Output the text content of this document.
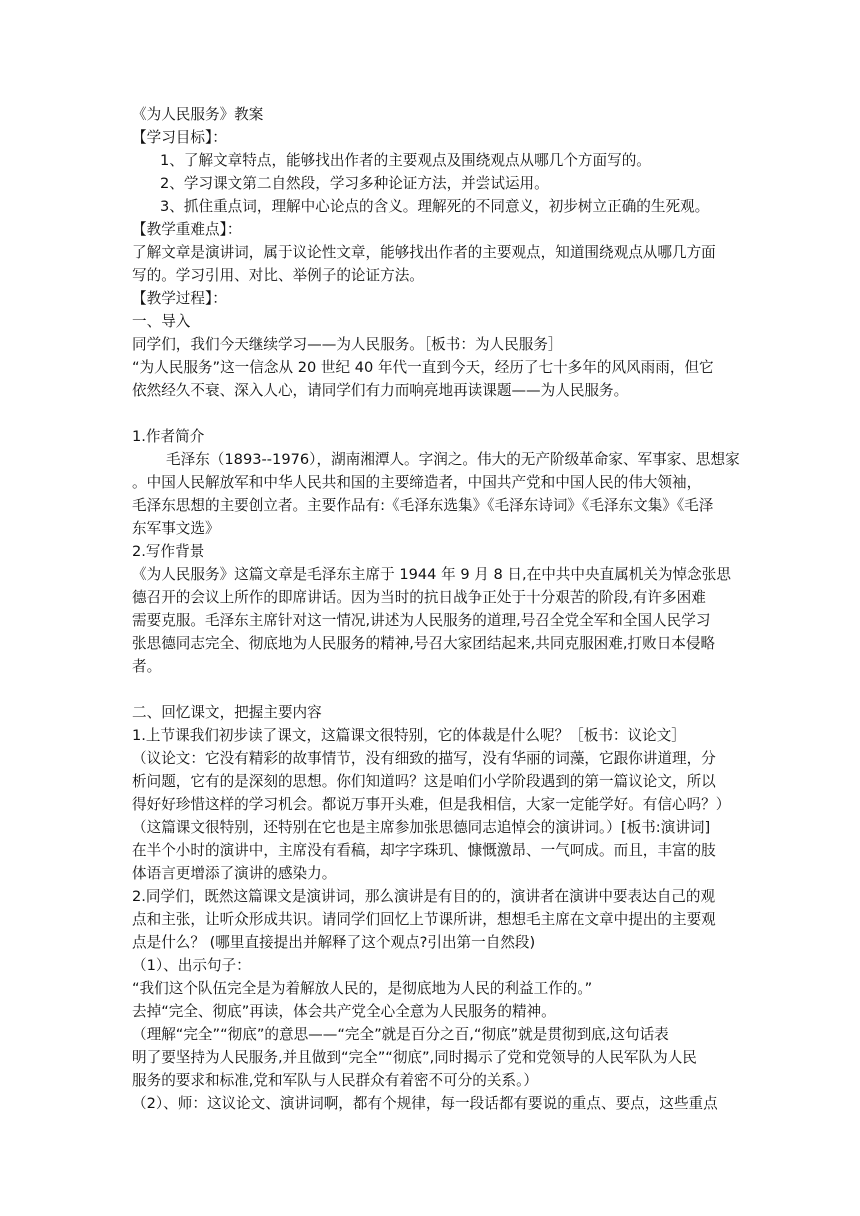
《为人民服务》教案

【学习目标】：

1、了解文章特点，能够找出作者的主要观点及围绕观点从哪几个方面写的。

2、学习课文第二自然段，学习多种论证方法，并尝试运用。

3、抓住重点词，理解中心论点的含义。理解死的不同意义，初步树立正确的生死观。

【教学重难点】：

了解文章是演讲词，属于议论性文章，能够找出作者的主要观点，知道围绕观点从哪几方面

写的。学习引用、对比、举例子的论证方法。

【教学过程】：

一、导入

同学们，我们今天继续学习——为人民服务。［板书：为人民服务］

“为人民服务”这一信念从 20 世纪 40 年代一直到今天，经历了七十多年的风风雨雨，但它

依然经久不衰、深入人心，请同学们有力而响亮地再读课题——为人民服务。

1.作者简介

毛泽东（1893--1976），湖南湘潭人。字润之。伟大的无产阶级革命家、军事家、思想家

。中国人民解放军和中华人民共和国的主要缔造者，中国共产党和中国人民的伟大领袖，

毛泽东思想的主要创立者。主要作品有:《毛泽东选集》《毛泽东诗词》《毛泽东文集》《毛泽

东军事文选》

2.写作背景

《为人民服务》这篇文章是毛泽东主席于 1944 年 9 月 8 日,在中共中央直属机关为悼念张思

德召开的会议上所作的即席讲话。因为当时的抗日战争正处于十分艰苦的阶段,有许多困难

需要克服。毛泽东主席针对这一情况,讲述为人民服务的道理,号召全党全军和全国人民学习

张思德同志完全、彻底地为人民服务的精神,号召大家团结起来,共同克服困难,打败日本侵略

者。

二、回忆课文，把握主要内容

1.上节课我们初步读了课文，这篇课文很特别，它的体裁是什么呢？［板书：议论文］

（议论文：它没有精彩的故事情节，没有细致的描写，没有华丽的词藻，它跟你讲道理，分

析问题，它有的是深刻的思想。你们知道吗？这是咱们小学阶段遇到的第一篇议论文，所以

得好好珍惜这样的学习机会。都说万事开头难，但是我相信，大家一定能学好。有信心吗？）

（这篇课文很特别，还特别在它也是主席参加张思德同志追悼会的演讲词。）[板书:演讲词]

在半个小时的演讲中，主席没有看稿，却字字珠玑、慷慨激昂、一气呵成。而且，丰富的肢

体语言更增添了演讲的感染力。

2.同学们，既然这篇课文是演讲词，那么演讲是有目的的，演讲者在演讲中要表达自己的观

点和主张，让听众形成共识。请同学们回忆上节课所讲，想想毛主席在文章中提出的主要观

点是什么？ (哪里直接提出并解释了这个观点?引出第一自然段)

（1）、出示句子：

“我们这个队伍完全是为着解放人民的，是彻底地为人民的利益工作的。”

去掉“完全、彻底”再读，体会共产党全心全意为人民服务的精神。

（理解“完全”“彻底”的意思——“完全”就是百分之百,“彻底”就是贯彻到底,这句话表

明了要坚持为人民服务,并且做到“完全”“彻底”,同时揭示了党和党领导的人民军队为人民

服务的要求和标准,党和军队与人民群众有着密不可分的关系。）

（2）、师：这议论文、演讲词啊，都有个规律，每一段话都有要说的重点、要点，这些重点
